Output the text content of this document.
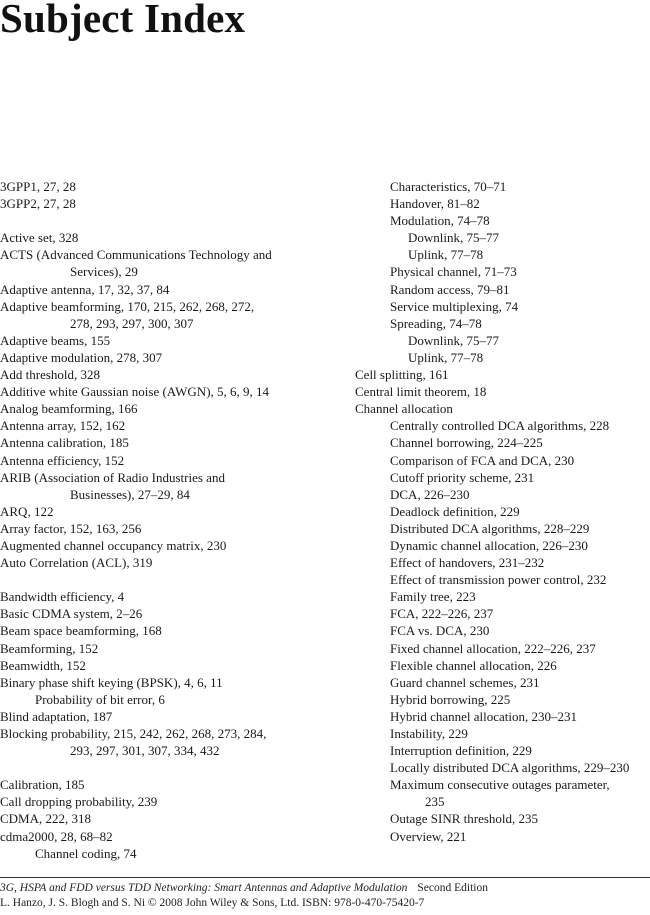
Subject Index
3GPP1, 27, 28
3GPP2, 27, 28
Active set, 328
ACTS (Advanced Communications Technology and
Services), 29
Adaptive antenna, 17, 32, 37, 84
Adaptive beamforming, 170, 215, 262, 268, 272,
278, 293, 297, 300, 307
Adaptive beams, 155
Adaptive modulation, 278, 307
Add threshold, 328
Additive white Gaussian noise (AWGN), 5, 6, 9, 14
Analog beamforming, 166
Antenna array, 152, 162
Antenna calibration, 185
Antenna efficiency, 152
ARIB (Association of Radio Industries and
Businesses), 27–29, 84
ARQ, 122
Array factor, 152, 163, 256
Augmented channel occupancy matrix, 230
Auto Correlation (ACL), 319
Bandwidth efficiency, 4
Basic CDMA system, 2–26
Beam space beamforming, 168
Beamforming, 152
Beamwidth, 152
Binary phase shift keying (BPSK), 4, 6, 11
Probability of bit error, 6
Blind adaptation, 187
Blocking probability, 215, 242, 262, 268, 273, 284,
293, 297, 301, 307, 334, 432
Calibration, 185
Call dropping probability, 239
CDMA, 222, 318
cdma2000, 28, 68–82
Channel coding, 74
Characteristics, 70–71
Handover, 81–82
Modulation, 74–78
Downlink, 75–77
Uplink, 77–78
Physical channel, 71–73
Random access, 79–81
Service multiplexing, 74
Spreading, 74–78
Downlink, 75–77
Uplink, 77–78
Cell splitting, 161
Central limit theorem, 18
Channel allocation
Centrally controlled DCA algorithms, 228
Channel borrowing, 224–225
Comparison of FCA and DCA, 230
Cutoff priority scheme, 231
DCA, 226–230
Deadlock definition, 229
Distributed DCA algorithms, 228–229
Dynamic channel allocation, 226–230
Effect of handovers, 231–232
Effect of transmission power control, 232
Family tree, 223
FCA, 222–226, 237
FCA vs. DCA, 230
Fixed channel allocation, 222–226, 237
Flexible channel allocation, 226
Guard channel schemes, 231
Hybrid borrowing, 225
Hybrid channel allocation, 230–231
Instability, 229
Interruption definition, 229
Locally distributed DCA algorithms, 229–230
Maximum consecutive outages parameter,
235
Outage SINR threshold, 235
Overview, 221
3G, HSPA and FDD versus TDD Networking: Smart Antennas and Adaptive Modulation Second Edition
L. Hanzo, J. S. Blogh and S. Ni © 2008 John Wiley & Sons, Ltd. ISBN: 978-0-470-75420-7
